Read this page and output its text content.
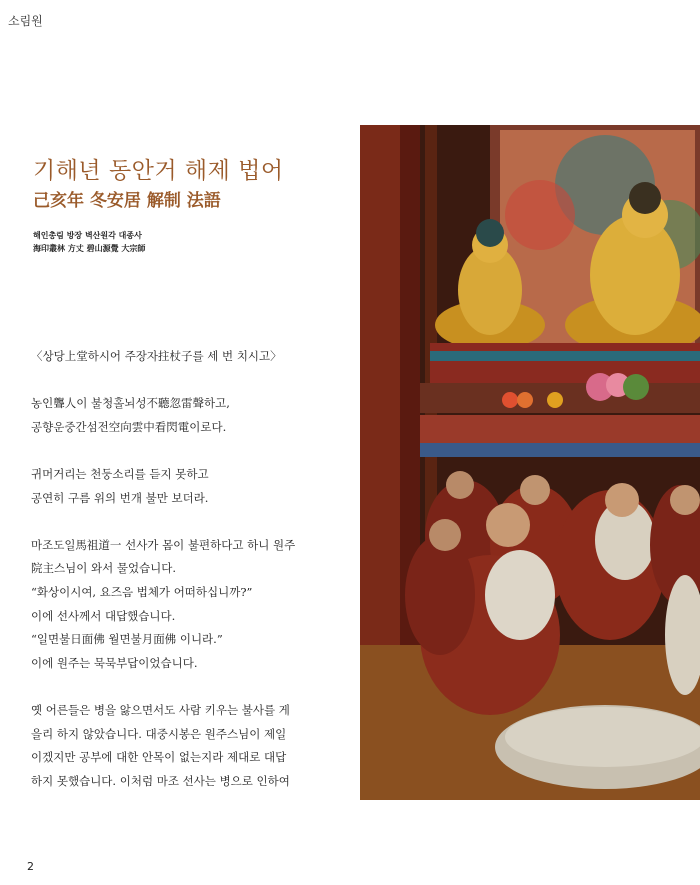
소림원
기해년 동안거 해제 법어
己亥年 冬安居 解制 法語
해인총림 방장 벽산원각 대종사
海印叢林 方丈 碧山源覺 大宗師

〈상당上堂하시어 주장자拄杖子를 세 번 치시고〉

농인聾人이 불청홀뇌성不聽忽雷聲하고,

공향운중간섬전空向雲中看閃電이로다.

귀머거리는 천둥소리를 듣지 못하고

공연히 구름 위의 번개 불만 보더라.

마조도일馬祖道一 선사가 몸이 불편하다고 하니 원주

院主스님이 와서 물었습니다.

“화상이시여, 요즈음 법체가 어떠하십니까?”

이에 선사께서 대답했습니다.

“일면불日面佛 월면불月面佛 이니라.”

이에 원주는 묵묵부답이었습니다.

옛 어른들은 병을 앓으면서도 사람 키우는 불사를 게

을리 하지 않았습니다. 대중시봉은 원주스님이 제일

이겠지만 공부에 대한 안목이 없는지라 제대로 대답

하지 못했습니다. 이처럼 마조 선사는 병으로 인하여

2
